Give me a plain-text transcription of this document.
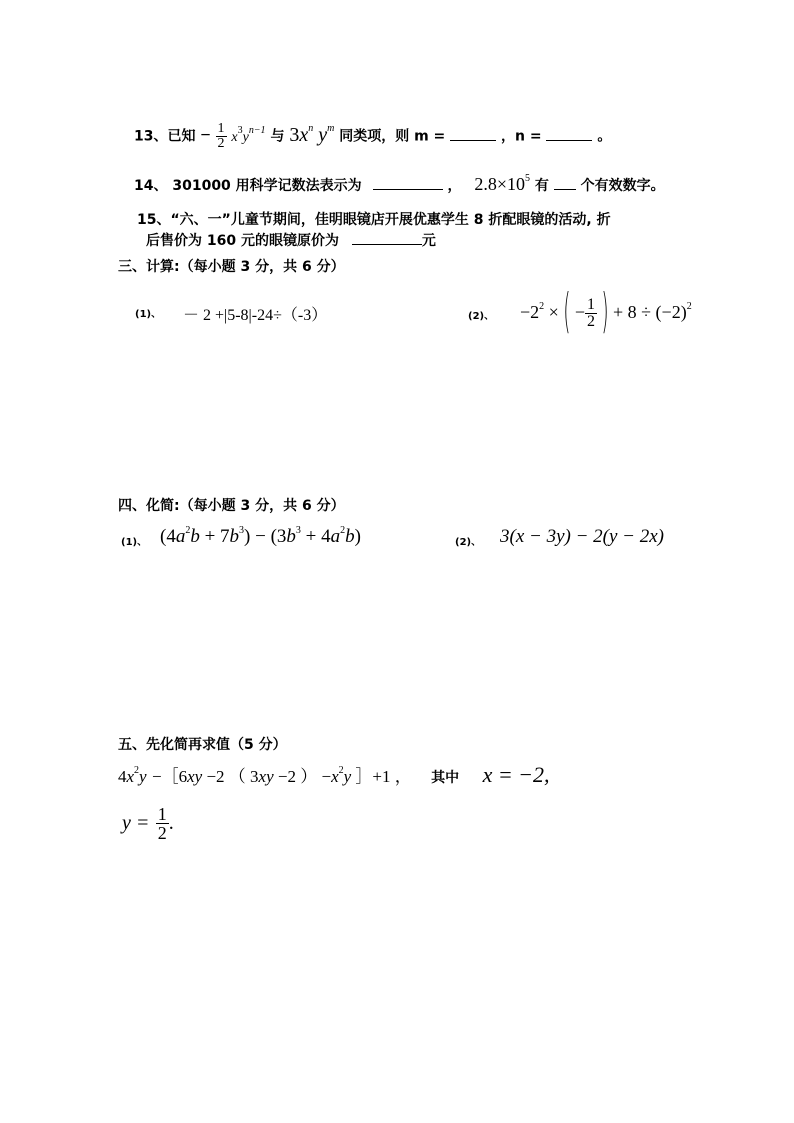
13、已知 − $\frac{1}{2} x^3y^{n-1}$ 与 $3x^n$ $y^m$ 同类项，则 m =	，n =	。
14、 301000 用科学记数法表示为	， $2.8\times 10^5$ 有 个有效数字。
15、“六、一”儿童节期间，佳明眼镜店开展优惠学生 8 折配眼镜的活动, 折
后售价为 160 元的眼镜原价为	元
三、计算:（每小题 3 分，共 6 分）
(1)、 － 2 +|5-8|-24÷（-3）	(2)、 $-2^2$ × ( − $\frac{1}{2}$ ) + $8 \div (-2)^2$
四、化简:（每小题 3 分，共 6 分）
(1)、 $(4a^2b + 7b^3) - (3b^3 + 4a^2b)$	(2)、 3(x − 3y) − 2(y − 2x)
五、先化简再求值（5 分）
$4x^2y$ −［6xy −2 （ 3xy −2 ） $-x^2y$ ］+1 ， 其中 x = −2,
$y = \frac{1}{2}$ .
